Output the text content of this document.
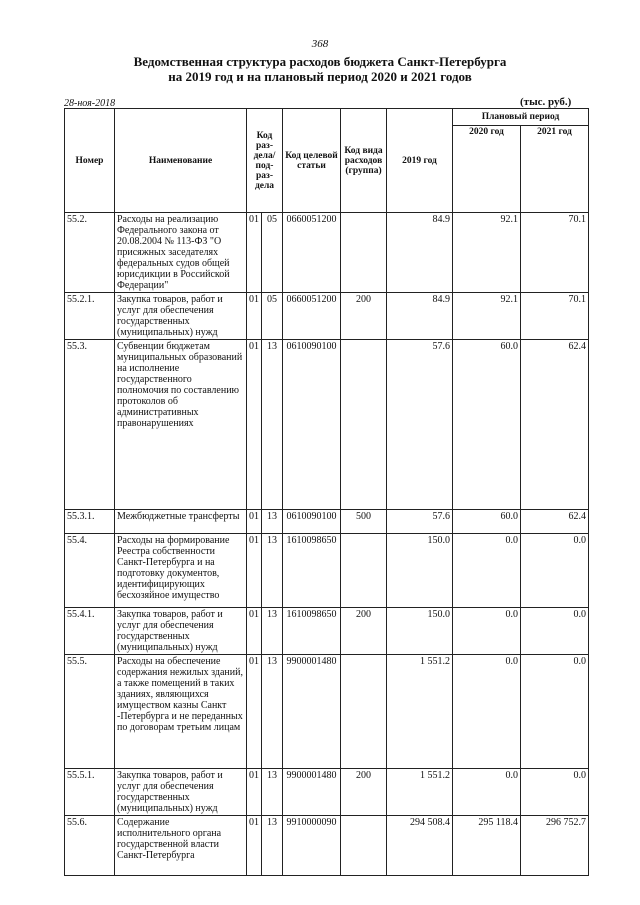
368
Ведомственная структура расходов бюджета Санкт-Петербурга
на 2019 год и на плановый период 2020 и 2021 годов
28-ноя-2018	(тыс. руб.)
Номер	Наименование	Код раз-дела/ под-раз-дела		Код целевой статьи	Код вида расходов (группа)	2019 год	Плановый период	
							2020 год	2021 год
55.2.	Расходы на реализацию Федерального закона от 20.08.2004 № 113-ФЗ "О присяжных заседателях федеральных судов общей юрисдикции в Российской Федерации"	01	05	0660051200		84.9	92.1	70.1
55.2.1.	Закупка товаров, работ и услуг для обеспечения государственных (муниципальных) нужд	01	05	0660051200	200	84.9	92.1	70.1
55.3.	Субвенции бюджетам муниципальных образований на исполнение государственного полномочия по составлению протоколов об административных правонарушениях	01	13	0610090100		57.6	60.0	62.4
55.3.1.	Межбюджетные трансферты	01	13	0610090100	500	57.6	60.0	62.4
55.4.	Расходы на формирование Реестра собственности Санкт-Петербурга и на подготовку документов, идентифицирующих бесхозяйное имущество	01	13	1610098650		150.0	0.0	0.0
55.4.1.	Закупка товаров, работ и услуг для обеспечения государственных (муниципальных) нужд	01	13	1610098650	200	150.0	0.0	0.0
55.5.	Расходы на обеспечение содержания нежилых зданий, а также помещений в таких зданиях, являющихся имуществом казны Санкт -Петербурга и не переданных по договорам третьим лицам	01	13	9900001480		1 551.2	0.0	0.0
55.5.1.	Закупка товаров, работ и услуг для обеспечения государственных (муниципальных) нужд	01	13	9900001480	200	1 551.2	0.0	0.0
55.6.	Содержание исполнительного органа государственной власти Санкт-Петербурга	01	13	9910000090		294 508.4	295 118.4	296 752.7
